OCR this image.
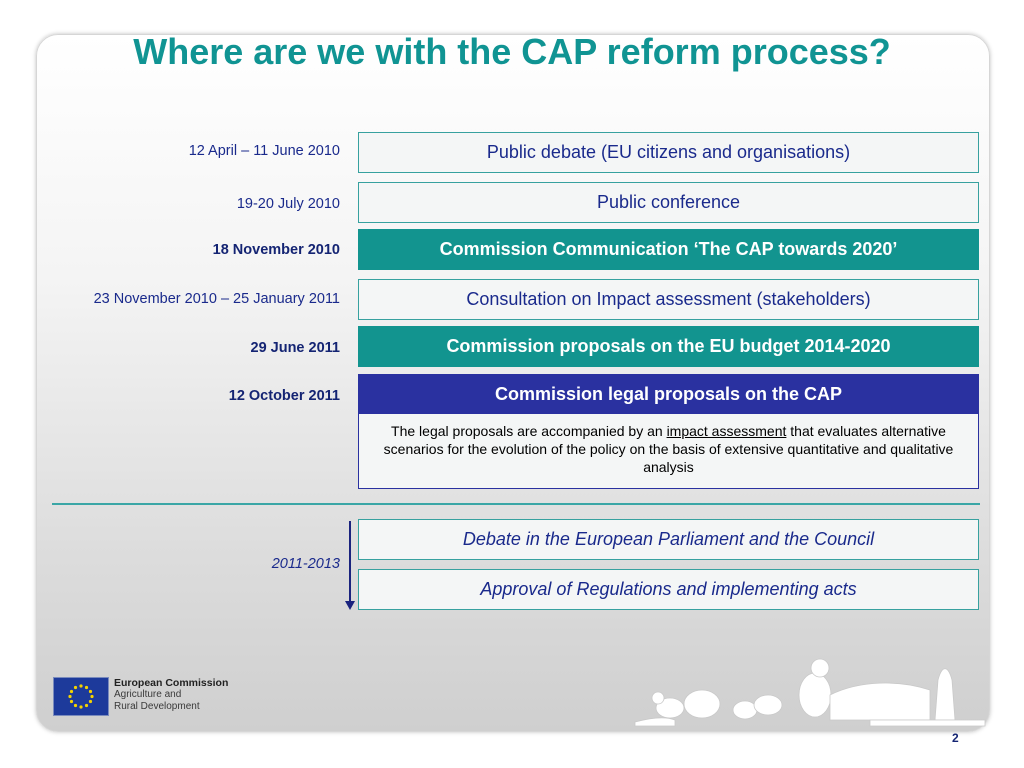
Where are we with the CAP reform process?
12 April – 11 June 2010	Public debate (EU citizens and organisations)
19-20 July 2010	Public conference
18 November 2010	Commission Communication ‘The CAP towards 2020’
23 November 2010 – 25 January 2011	Consultation on Impact assessment (stakeholders)
29 June 2011	Commission proposals on the EU budget 2014-2020
12 October 2011	Commission legal proposals on the CAP
The legal proposals are accompanied by an impact assessment that evaluates alternative scenarios for the evolution of the policy on the basis of extensive quantitative and qualitative analysis
2011-2013
Debate in the European Parliament and the Council
Approval of Regulations and implementing acts
European Commission
Agriculture and
Rural Development
2
